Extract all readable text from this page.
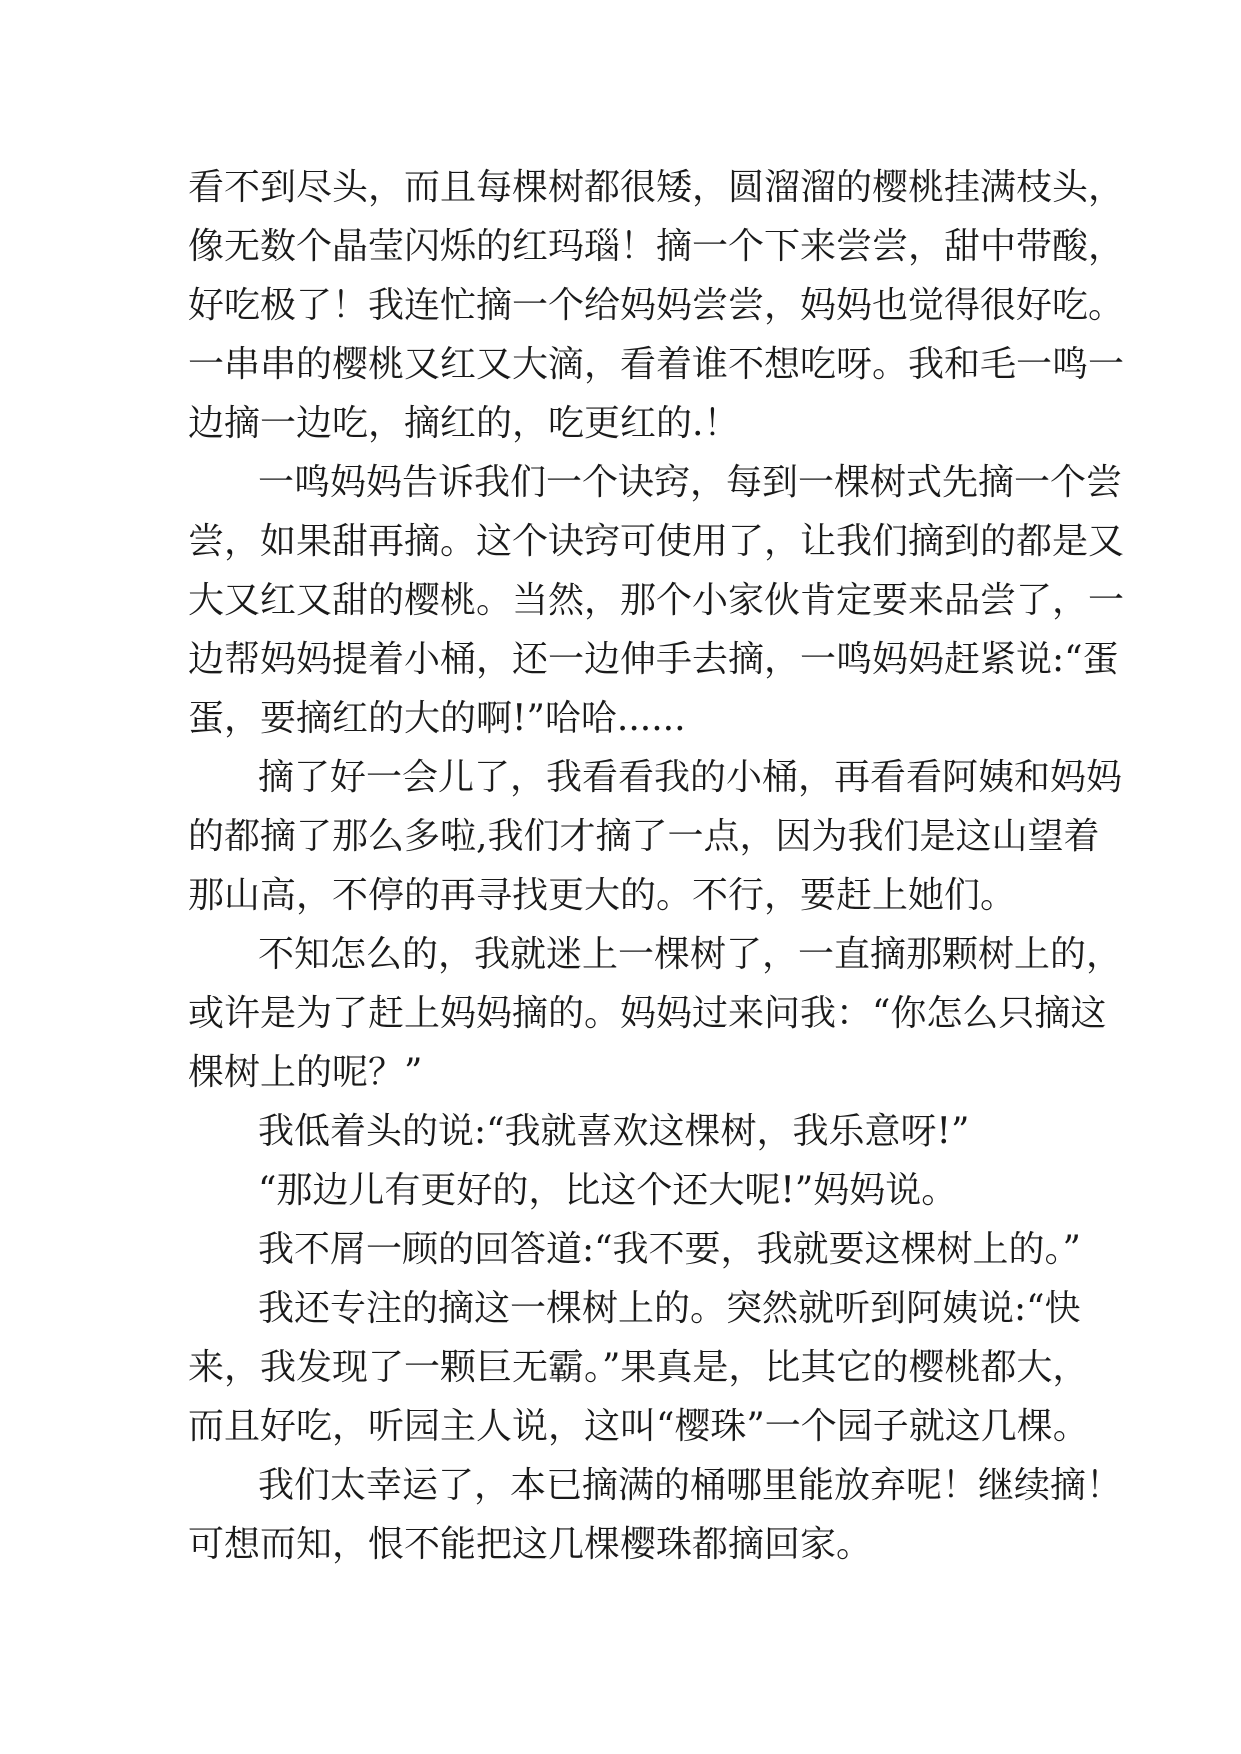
看不到尽头，而且每棵树都很矮，圆溜溜的樱桃挂满枝头，
像无数个晶莹闪烁的红玛瑙！摘一个下来尝尝，甜中带酸，
好吃极了！我连忙摘一个给妈妈尝尝，妈妈也觉得很好吃。
一串串的樱桃又红又大滴，看着谁不想吃呀。我和毛一鸣一
边摘一边吃，摘红的，吃更红的.！
一鸣妈妈告诉我们一个诀窍，每到一棵树式先摘一个尝
尝，如果甜再摘。这个诀窍可使用了，让我们摘到的都是又
大又红又甜的樱桃。当然，那个小家伙肯定要来品尝了，一
边帮妈妈提着小桶，还一边伸手去摘，一鸣妈妈赶紧说:“蛋
蛋，要摘红的大的啊!”哈哈......
摘了好一会儿了，我看看我的小桶，再看看阿姨和妈妈
的都摘了那么多啦,我们才摘了一点，因为我们是这山望着
那山高，不停的再寻找更大的。不行，要赶上她们。
不知怎么的，我就迷上一棵树了，一直摘那颗树上的，
或许是为了赶上妈妈摘的。妈妈过来问我：“你怎么只摘这
棵树上的呢？”
我低着头的说:“我就喜欢这棵树，我乐意呀!”
“那边儿有更好的，比这个还大呢!”妈妈说。
我不屑一顾的回答道:“我不要，我就要这棵树上的。”
我还专注的摘这一棵树上的。突然就听到阿姨说:“快
来，我发现了一颗巨无霸。”果真是，比其它的樱桃都大，
而且好吃，听园主人说，这叫“樱珠”一个园子就这几棵。
我们太幸运了，本已摘满的桶哪里能放弃呢！继续摘！
可想而知，恨不能把这几棵樱珠都摘回家。
